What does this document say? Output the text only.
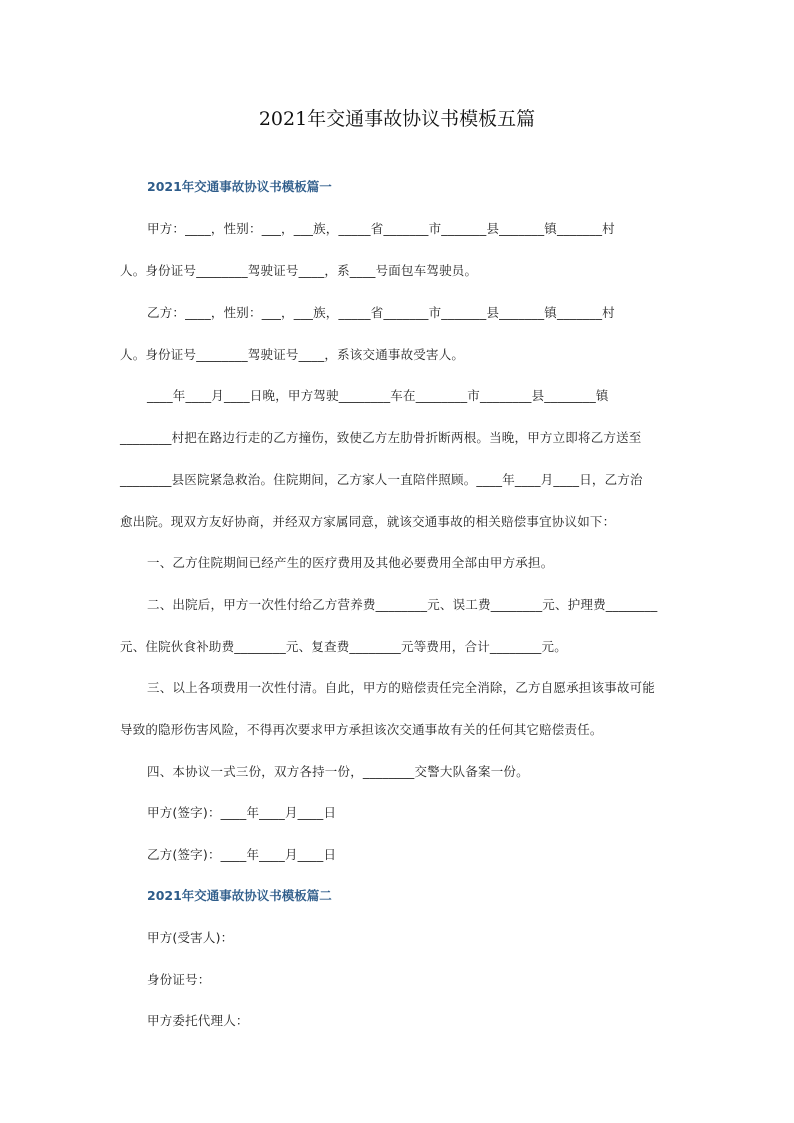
2021年交通事故协议书模板五篇
2021年交通事故协议书模板篇一
甲方：____，性别：___，___族，_____省_______市_______县_______镇_______村
人。身份证号________驾驶证号____，系____号面包车驾驶员。
乙方：____，性别：___，___族，_____省_______市_______县_______镇_______村
人。身份证号________驾驶证号____，系该交通事故受害人。
____年____月____日晚，甲方驾驶________车在________市________县________镇
________村把在路边行走的乙方撞伤，致使乙方左肋骨折断两根。当晚，甲方立即将乙方送至
________县医院紧急救治。住院期间，乙方家人一直陪伴照顾。____年____月____日，乙方治
愈出院。现双方友好协商，并经双方家属同意，就该交通事故的相关赔偿事宜协议如下：
一、乙方住院期间已经产生的医疗费用及其他必要费用全部由甲方承担。
二、出院后，甲方一次性付给乙方营养费________元、误工费________元、护理费________
元、住院伙食补助费________元、复查费________元等费用，合计________元。
三、以上各项费用一次性付清。自此，甲方的赔偿责任完全消除，乙方自愿承担该事故可能
导致的隐形伤害风险，不得再次要求甲方承担该次交通事故有关的任何其它赔偿责任。
四、本协议一式三份，双方各持一份，________交警大队备案一份。
甲方(签字)：____年____月____日
乙方(签字)：____年____月____日
2021年交通事故协议书模板篇二
甲方(受害人)：
身份证号：
甲方委托代理人：
